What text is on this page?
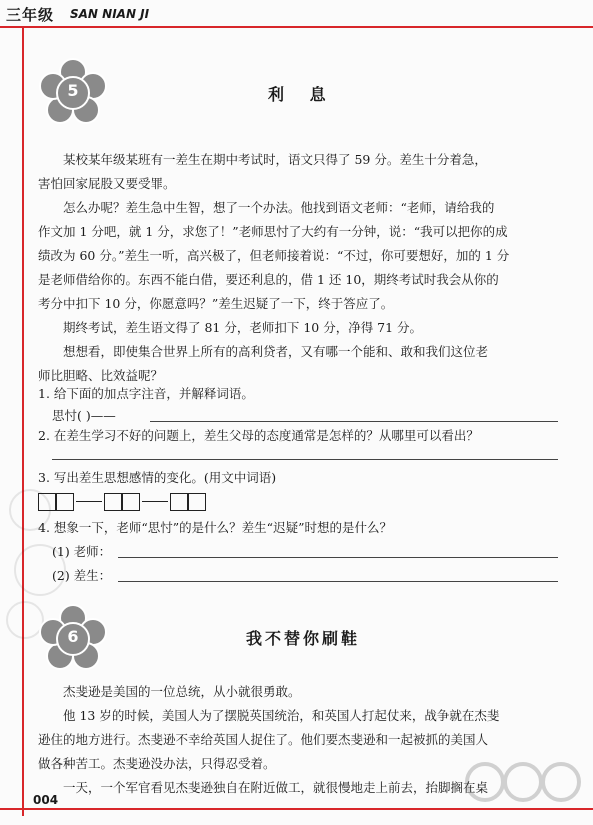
三年级 SAN NIAN JI
5	利 息
某校某年级某班有一差生在期中考试时，语文只得了 59 分。差生十分着急，
害怕回家屁股又要受罪。
怎么办呢？差生急中生智，想了一个办法。他找到语文老师：“老师，请给我的
作文加 1 分吧，就 1 分，求您了！”老师思忖了大约有一分钟，说：“我可以把你的成
绩改为 60 分。”差生一听，高兴极了，但老师接着说：“不过，你可要想好，加的 1 分
是老师借给你的。东西不能白借，要还利息的，借 1 还 10，期终考试时我会从你的
考分中扣下 10 分，你愿意吗？”差生迟疑了一下，终于答应了。
期终考试，差生语文得了 81 分，老师扣下 10 分，净得 71 分。
想想看，即使集合世界上所有的高利贷者，又有哪一个能和、敢和我们这位老
师比胆略、比效益呢？
1. 给下面的加点字注音，并解释词语。
思忖( )——
2. 在差生学习不好的问题上，差生父母的态度通常是怎样的？从哪里可以看出？
3. 写出差生思想感情的变化。(用文中词语)
4. 想象一下，老师“思忖”的是什么？差生“迟疑”时想的是什么？
(1) 老师：
(2) 差生：
6	我不替你刷鞋
杰斐逊是美国的一位总统，从小就很勇敢。
他 13 岁的时候，美国人为了摆脱英国统治，和英国人打起仗来，战争就在杰斐
逊住的地方进行。杰斐逊不幸给英国人捉住了。他们要杰斐逊和一起被抓的美国人
做各种苦工。杰斐逊没办法，只得忍受着。
一天，一个军官看见杰斐逊独自在附近做工，就很慢地走上前去，抬脚搁在桌
004
